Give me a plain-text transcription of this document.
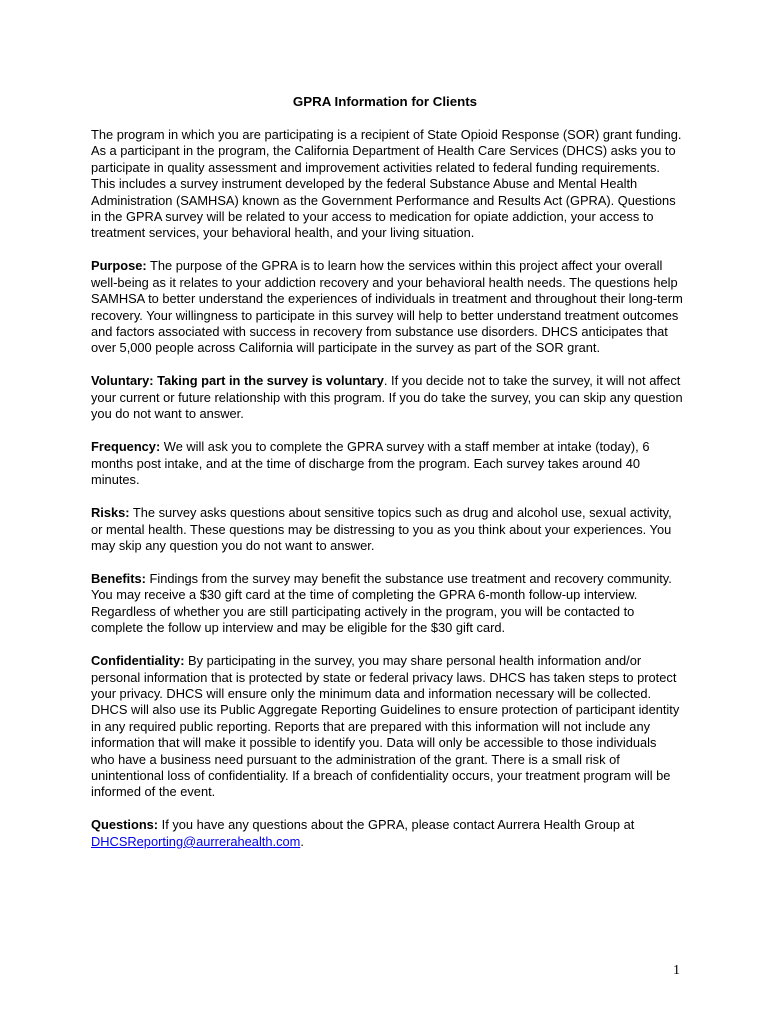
GPRA Information for Clients

The program in which you are participating is a recipient of State Opioid Response (SOR) grant funding. As a participant in the program, the California Department of Health Care Services (DHCS) asks you to participate in quality assessment and improvement activities related to federal funding requirements. This includes a survey instrument developed by the federal Substance Abuse and Mental Health Administration (SAMHSA) known as the Government Performance and Results Act (GPRA). Questions in the GPRA survey will be related to your access to medication for opiate addiction, your access to treatment services, your behavioral health, and your living situation.

Purpose: The purpose of the GPRA is to learn how the services within this project affect your overall well-being as it relates to your addiction recovery and your behavioral health needs. The questions help SAMHSA to better understand the experiences of individuals in treatment and throughout their long-term recovery. Your willingness to participate in this survey will help to better understand treatment outcomes and factors associated with success in recovery from substance use disorders. DHCS anticipates that over 5,000 people across California will participate in the survey as part of the SOR grant.

Voluntary: Taking part in the survey is voluntary. If you decide not to take the survey, it will not affect your current or future relationship with this program. If you do take the survey, you can skip any question you do not want to answer.

Frequency: We will ask you to complete the GPRA survey with a staff member at intake (today), 6 months post intake, and at the time of discharge from the program. Each survey takes around 40 minutes.

Risks: The survey asks questions about sensitive topics such as drug and alcohol use, sexual activity, or mental health. These questions may be distressing to you as you think about your experiences. You may skip any question you do not want to answer.

Benefits: Findings from the survey may benefit the substance use treatment and recovery community. You may receive a $30 gift card at the time of completing the GPRA 6-month follow-up interview. Regardless of whether you are still participating actively in the program, you will be contacted to complete the follow up interview and may be eligible for the $30 gift card.

Confidentiality: By participating in the survey, you may share personal health information and/or personal information that is protected by state or federal privacy laws. DHCS has taken steps to protect your privacy. DHCS will ensure only the minimum data and information necessary will be collected. DHCS will also use its Public Aggregate Reporting Guidelines to ensure protection of participant identity in any required public reporting. Reports that are prepared with this information will not include any information that will make it possible to identify you. Data will only be accessible to those individuals who have a business need pursuant to the administration of the grant. There is a small risk of unintentional loss of confidentiality. If a breach of confidentiality occurs, your treatment program will be informed of the event.

Questions: If you have any questions about the GPRA, please contact Aurrera Health Group at DHCSReporting@aurrerahealth.com.

1
